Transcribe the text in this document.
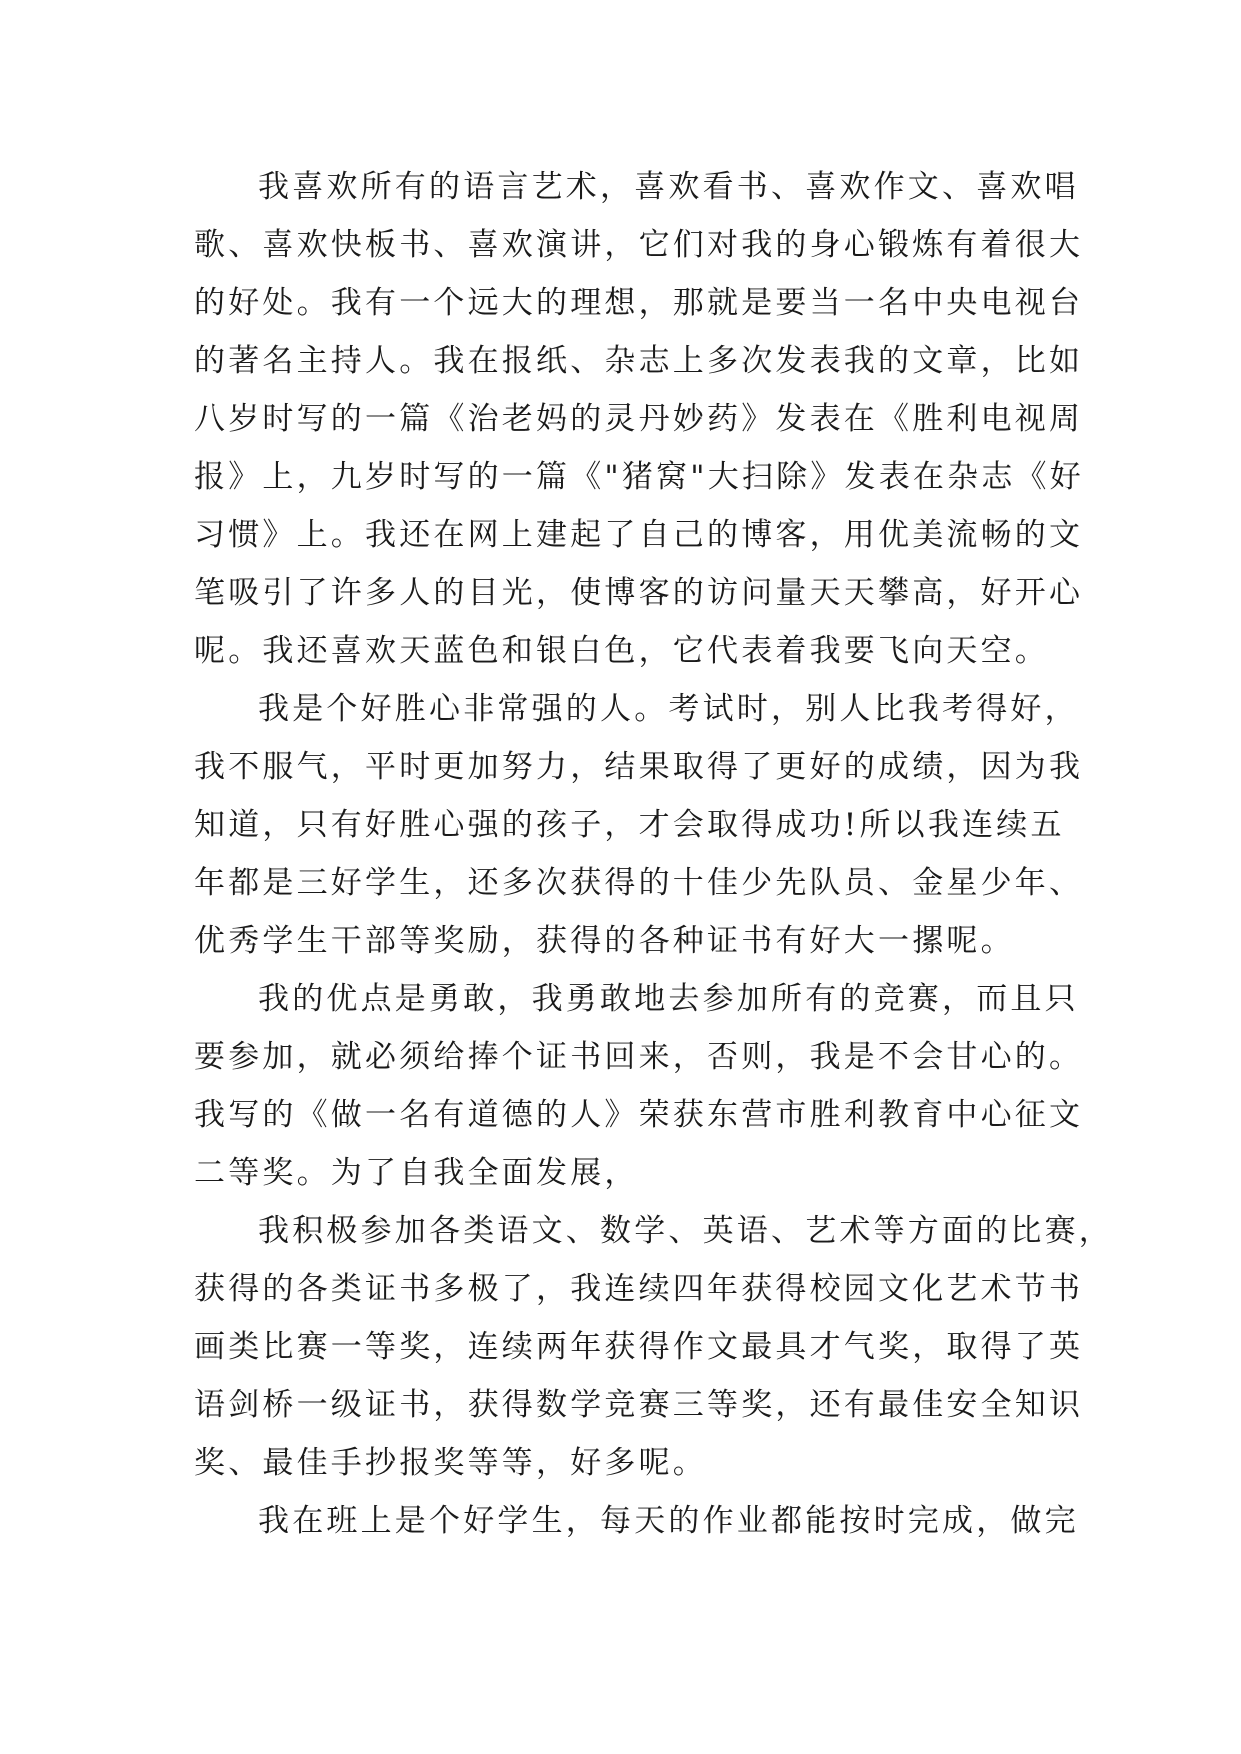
我喜欢所有的语言艺术，喜欢看书、喜欢作文、喜欢唱
歌、喜欢快板书、喜欢演讲，它们对我的身心锻炼有着很大
的好处。我有一个远大的理想，那就是要当一名中央电视台
的著名主持人。我在报纸、杂志上多次发表我的文章，比如
八岁时写的一篇《治老妈的灵丹妙药》发表在《胜利电视周
报》上，九岁时写的一篇《"猪窝"大扫除》发表在杂志《好
习惯》上。我还在网上建起了自己的博客，用优美流畅的文
笔吸引了许多人的目光，使博客的访问量天天攀高，好开心
呢。我还喜欢天蓝色和银白色，它代表着我要飞向天空。
我是个好胜心非常强的人。考试时，别人比我考得好，
我不服气，平时更加努力，结果取得了更好的成绩，因为我
知道，只有好胜心强的孩子，才会取得成功!所以我连续五
年都是三好学生，还多次获得的十佳少先队员、金星少年、
优秀学生干部等奖励，获得的各种证书有好大一摞呢。
我的优点是勇敢，我勇敢地去参加所有的竞赛，而且只
要参加，就必须给捧个证书回来，否则，我是不会甘心的。
我写的《做一名有道德的人》荣获东营市胜利教育中心征文
二等奖。为了自我全面发展，
我积极参加各类语文、数学、英语、艺术等方面的比赛，
获得的各类证书多极了，我连续四年获得校园文化艺术节书
画类比赛一等奖，连续两年获得作文最具才气奖，取得了英
语剑桥一级证书，获得数学竞赛三等奖，还有最佳安全知识
奖、最佳手抄报奖等等，好多呢。
我在班上是个好学生，每天的作业都能按时完成，做完
